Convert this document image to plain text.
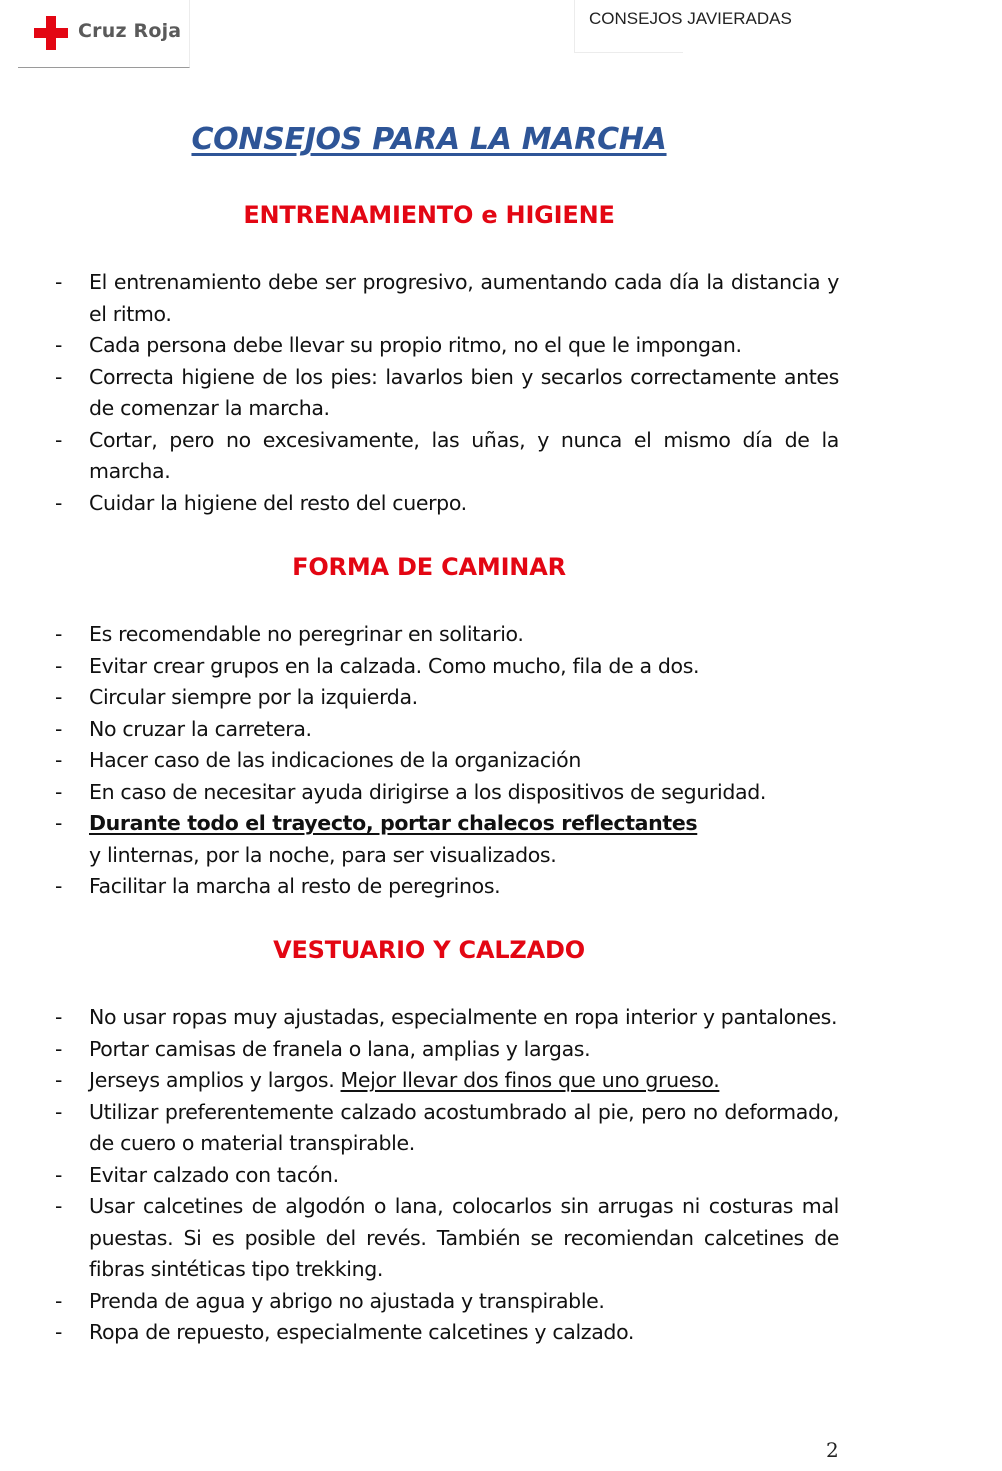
Cruz Roja
CONSEJOS JAVIERADAS
CONSEJOS PARA LA MARCHA
ENTRENAMIENTO e HIGIENE
- El entrenamiento debe ser progresivo, aumentando cada día la distancia y el ritmo.
- Cada persona debe llevar su propio ritmo, no el que le impongan.
- Correcta higiene de los pies: lavarlos bien y secarlos correctamente antes de comenzar la marcha.
- Cortar, pero no excesivamente, las uñas, y nunca el mismo día de la marcha.
- Cuidar la higiene del resto del cuerpo.
FORMA DE CAMINAR
- Es recomendable no peregrinar en solitario.
- Evitar crear grupos en la calzada. Como mucho, fila de a dos.
- Circular siempre por la izquierda.
- No cruzar la carretera.
- Hacer caso de las indicaciones de la organización
- En caso de necesitar ayuda dirigirse a los dispositivos de seguridad.
- Durante todo el trayecto, portar chalecos reflectantes
y linternas, por la noche, para ser visualizados.
- Facilitar la marcha al resto de peregrinos.
VESTUARIO Y CALZADO
- No usar ropas muy ajustadas, especialmente en ropa interior y pantalones.
- Portar camisas de franela o lana, amplias y largas.
- Jerseys amplios y largos. Mejor llevar dos finos que uno grueso.
- Utilizar preferentemente calzado acostumbrado al pie, pero no deformado, de cuero o material transpirable.
- Evitar calzado con tacón.
- Usar calcetines de algodón o lana, colocarlos sin arrugas ni costuras mal puestas. Si es posible del revés. También se recomiendan calcetines de fibras sintéticas tipo trekking.
- Prenda de agua y abrigo no ajustada y transpirable.
- Ropa de repuesto, especialmente calcetines y calzado.
2
